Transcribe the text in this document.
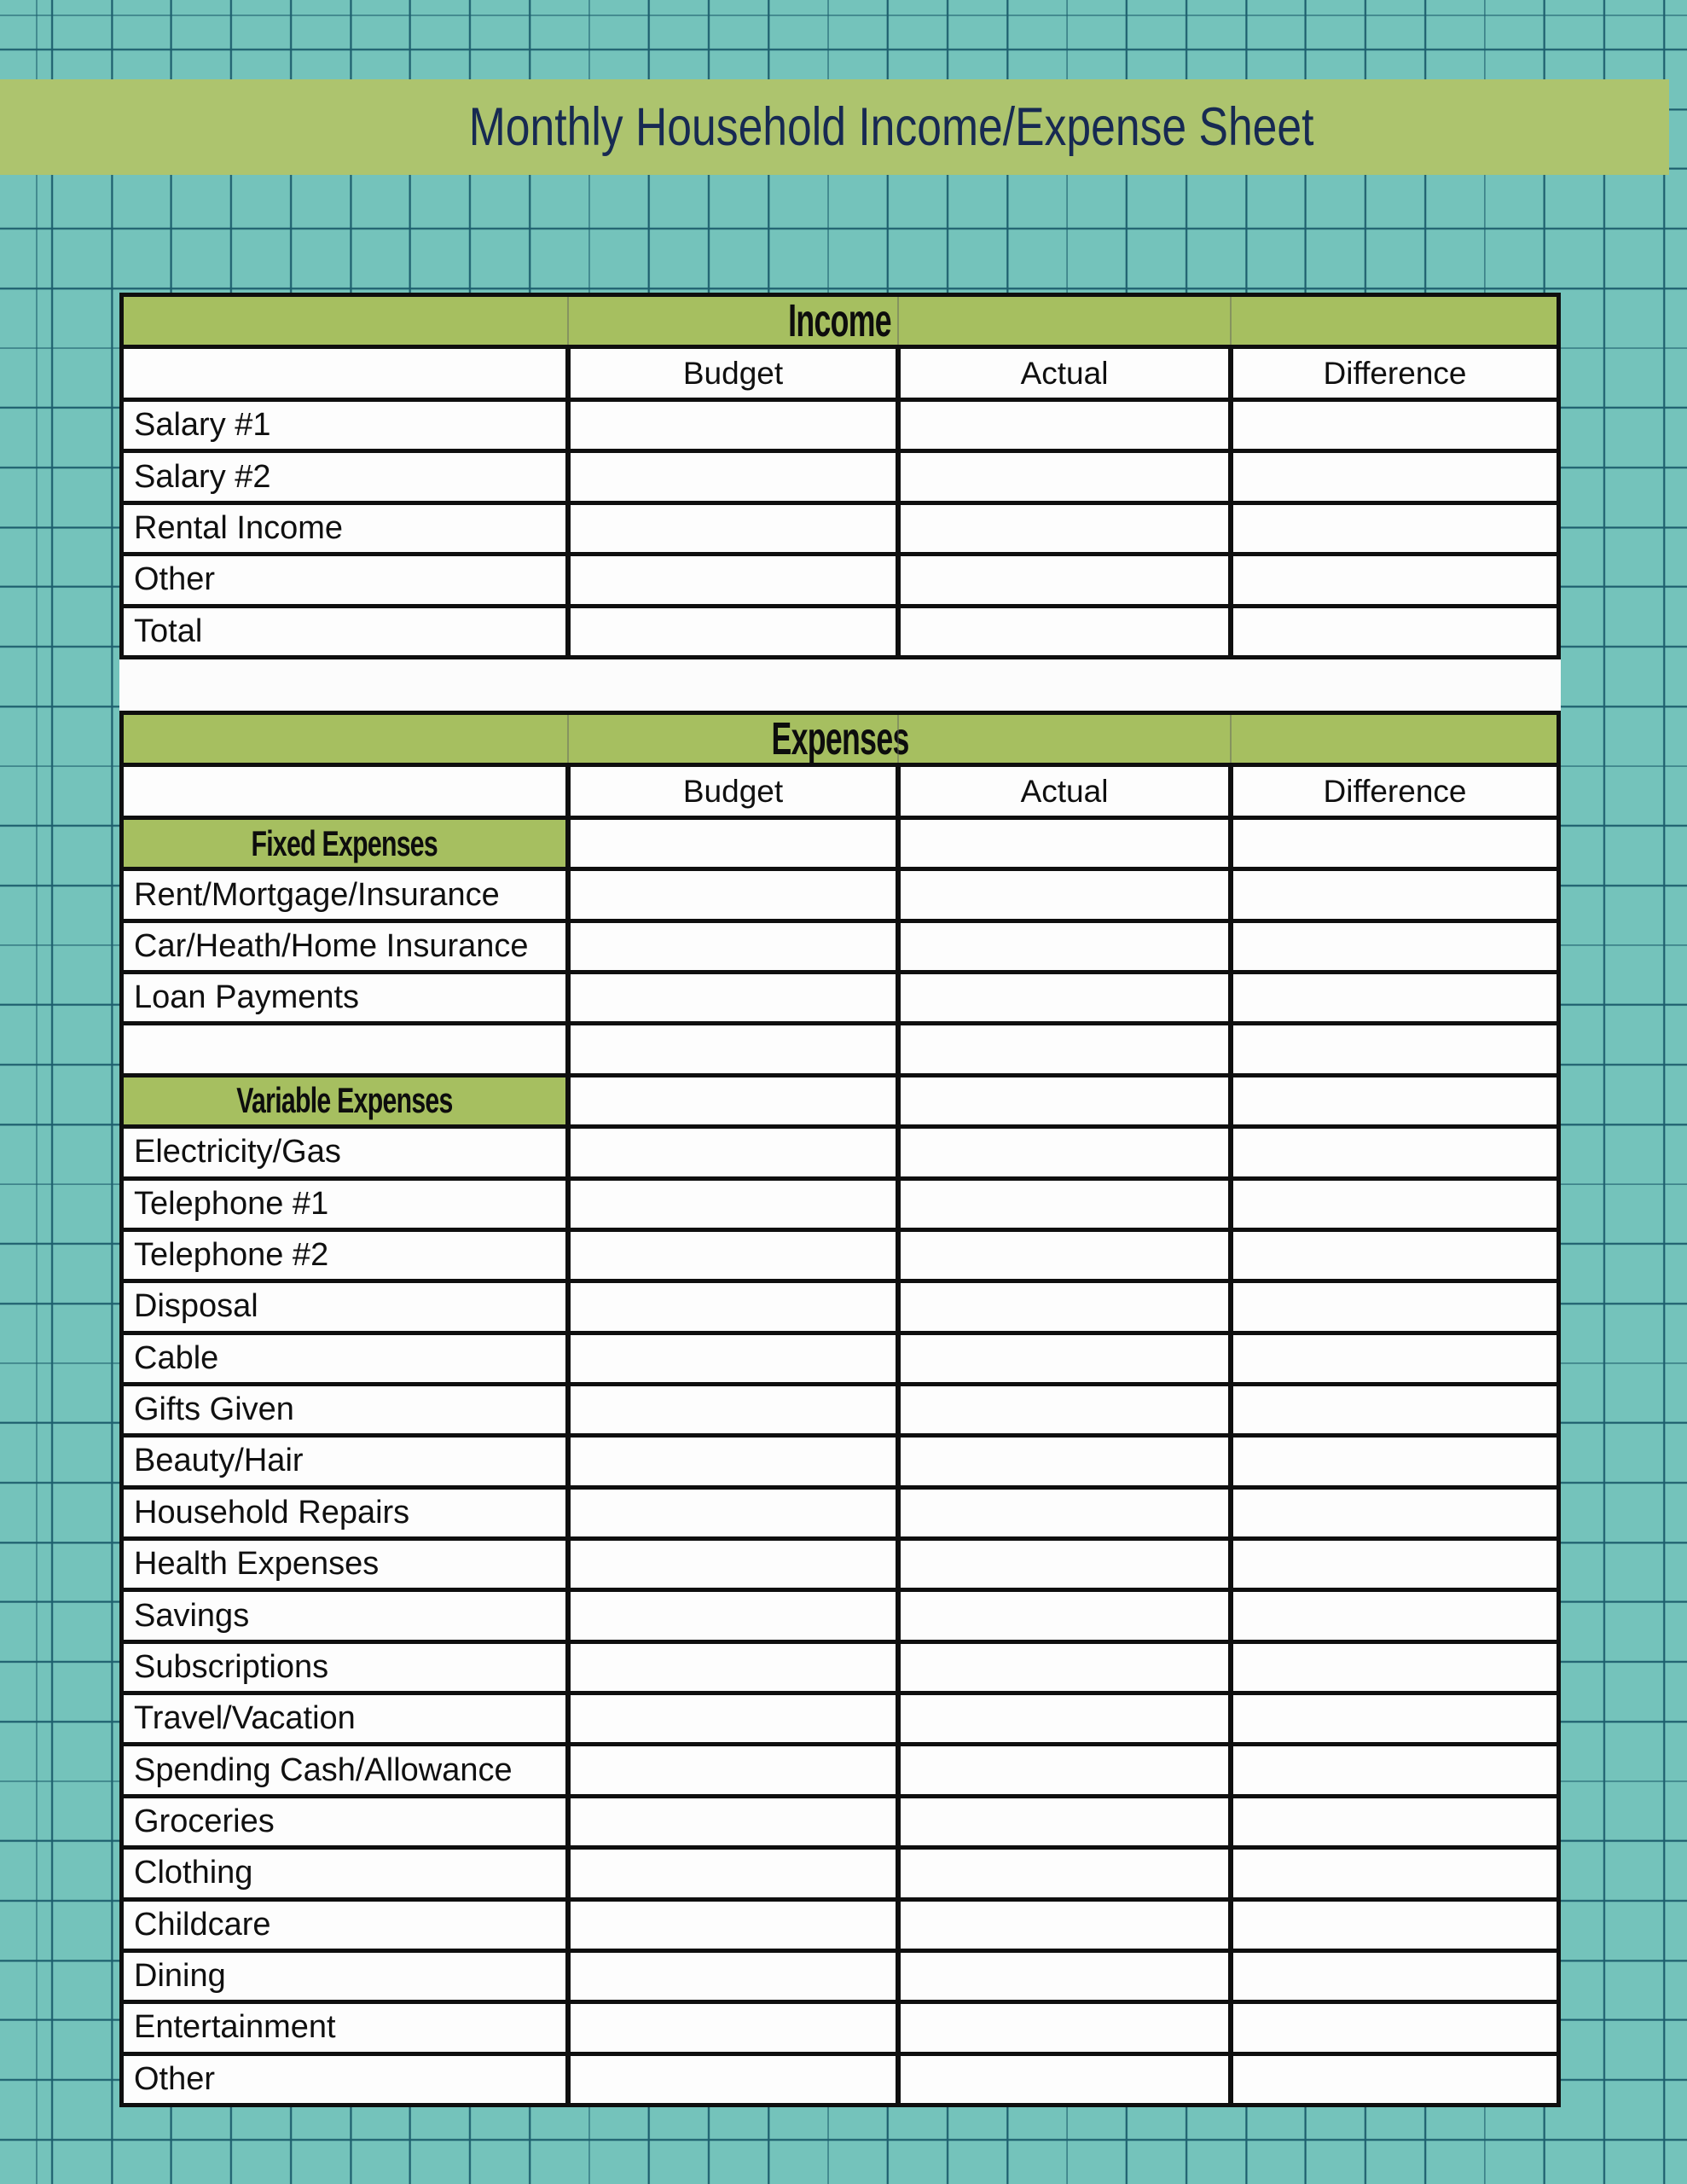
Monthly Household Income/Expense Sheet
Income
Budget	Actual	Difference
Salary #1
Salary #2
Rental Income
Other
Total
Expenses
Budget	Actual	Difference
Fixed Expenses
Rent/Mortgage/Insurance
Car/Heath/Home Insurance
Loan Payments
Variable Expenses
Electricity/Gas
Telephone #1
Telephone #2
Disposal
Cable
Gifts Given
Beauty/Hair
Household Repairs
Health Expenses
Savings
Subscriptions
Travel/Vacation
Spending Cash/Allowance
Groceries
Clothing
Childcare
Dining
Entertainment
Other
